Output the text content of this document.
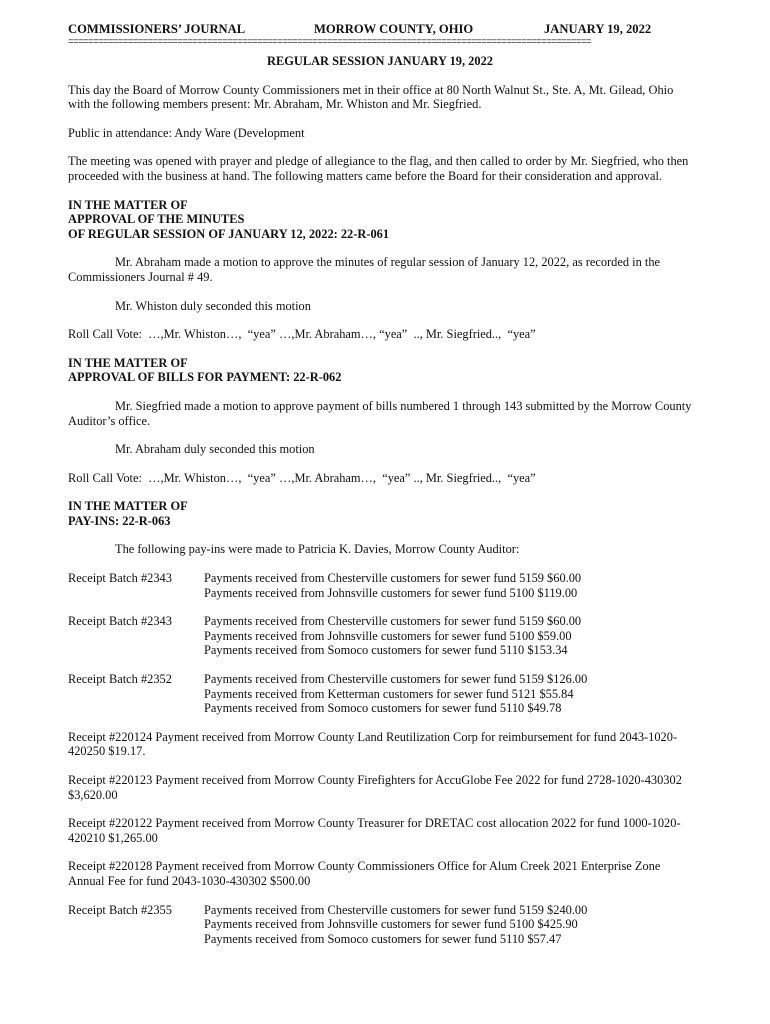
COMMISSIONERS’ JOURNAL	MORROW COUNTY, OHIO	JANUARY 19, 2022
=========================================================================================================
REGULAR SESSION JANUARY 19, 2022

This day the Board of Morrow County Commissioners met in their office at 80 North Walnut St., Ste. A, Mt. Gilead, Ohio with the following members present: Mr. Abraham, Mr. Whiston and Mr. Siegfried.

Public in attendance: Andy Ware (Development

The meeting was opened with prayer and pledge of allegiance to the flag, and then called to order by Mr. Siegfried, who then proceeded with the business at hand. The following matters came before the Board for their consideration and approval.

IN THE MATTER OF
APPROVAL OF THE MINUTES
OF REGULAR SESSION OF JANUARY 12, 2022: 22-R-061

Mr. Abraham made a motion to approve the minutes of regular session of January 12, 2022, as recorded in the Commissioners Journal # 49.

Mr. Whiston duly seconded this motion

Roll Call Vote:  …,Mr. Whiston…,  “yea” …,Mr. Abraham…, “yea”  .., Mr. Siegfried..,  “yea”

IN THE MATTER OF
APPROVAL OF BILLS FOR PAYMENT: 22-R-062

Mr. Siegfried made a motion to approve payment of bills numbered 1 through 143 submitted by the Morrow County Auditor’s office.

Mr. Abraham duly seconded this motion

Roll Call Vote:  …,Mr. Whiston…,  “yea” …,Mr. Abraham…,  “yea” .., Mr. Siegfried..,  “yea”

IN THE MATTER OF
PAY-INS: 22-R-063

The following pay-ins were made to Patricia K. Davies, Morrow County Auditor:

Receipt Batch #2343	Payments received from Chesterville customers for sewer fund 5159 $60.00
Payments received from Johnsville customers for sewer fund 5100 $119.00
Receipt Batch #2343	Payments received from Chesterville customers for sewer fund 5159 $60.00
Payments received from Johnsville customers for sewer fund 5100 $59.00
Payments received from Somoco customers for sewer fund 5110 $153.34
Receipt Batch #2352	Payments received from Chesterville customers for sewer fund 5159 $126.00
Payments received from Ketterman customers for sewer fund 5121 $55.84
Payments received from Somoco customers for sewer fund 5110 $49.78

Receipt #220124 Payment received from Morrow County Land Reutilization Corp for reimbursement for fund 2043-1020-420250 $19.17.

Receipt #220123 Payment received from Morrow County Firefighters for AccuGlobe Fee 2022 for fund 2728-1020-430302 $3,620.00

Receipt #220122 Payment received from Morrow County Treasurer for DRETAC cost allocation 2022 for fund 1000-1020-420210 $1,265.00

Receipt #220128 Payment received from Morrow County Commissioners Office for Alum Creek 2021 Enterprise Zone Annual Fee for fund 2043-1030-430302 $500.00

Receipt Batch #2355	Payments received from Chesterville customers for sewer fund 5159 $240.00
Payments received from Johnsville customers for sewer fund 5100 $425.90
Payments received from Somoco customers for sewer fund 5110 $57.47
